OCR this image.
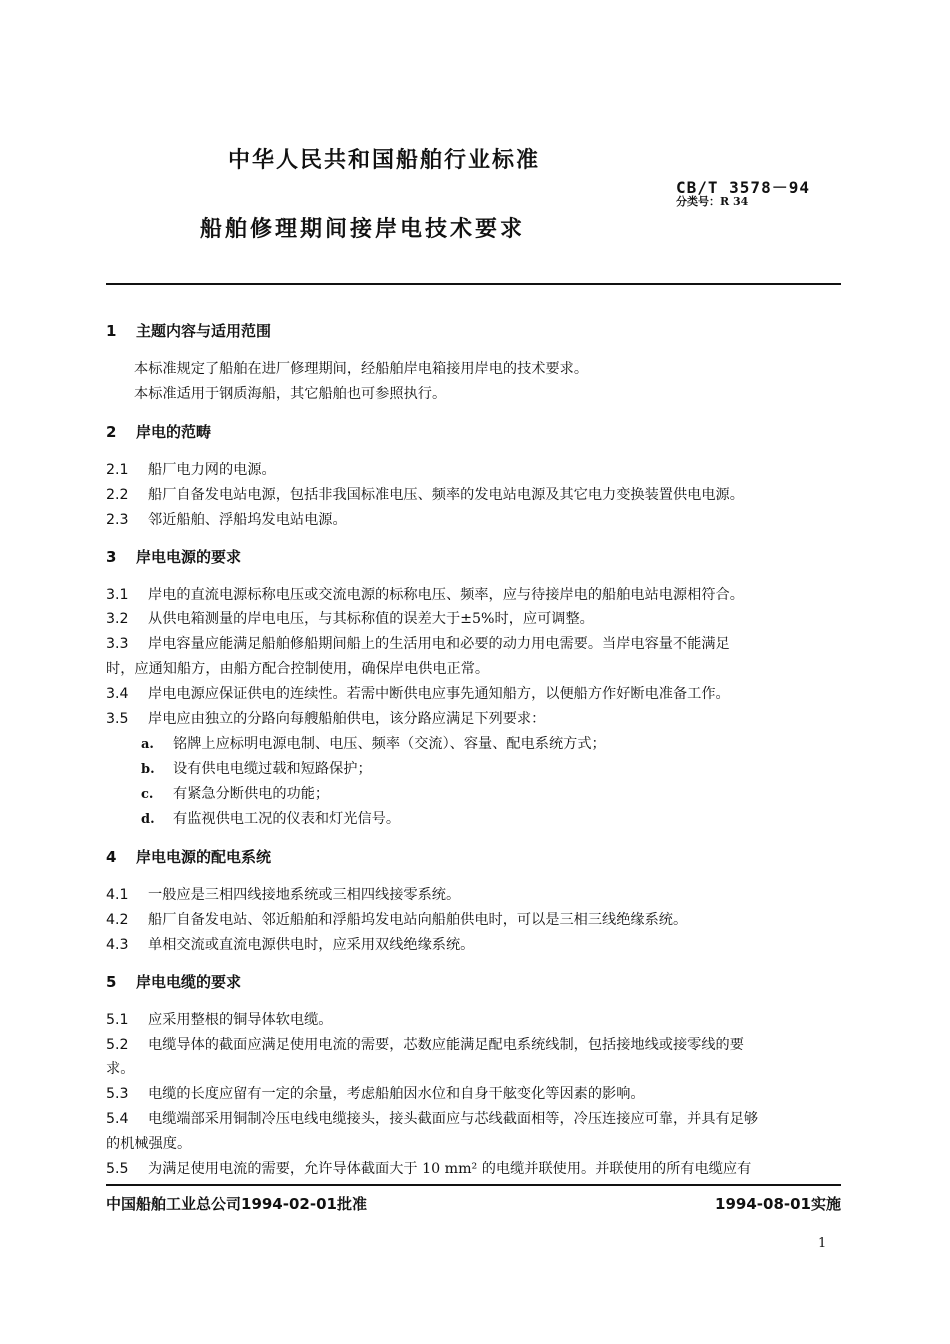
中华人民共和国船舶行业标准
CB/T 3578－94
分类号：R 34
船舶修理期间接岸电技术要求
1 主题内容与适用范围
本标准规定了船舶在进厂修理期间，经船舶岸电箱接用岸电的技术要求。
本标准适用于钢质海船，其它船舶也可参照执行。
2 岸电的范畴
2.1 船厂电力网的电源。
2.2 船厂自备发电站电源，包括非我国标准电压、频率的发电站电源及其它电力变换装置供电电源。
2.3 邻近船舶、浮船坞发电站电源。
3 岸电电源的要求
3.1 岸电的直流电源标称电压或交流电源的标称电压、频率，应与待接岸电的船舶电站电源相符合。
3.2 从供电箱测量的岸电电压，与其标称值的误差大于±5%时，应可调整。
3.3 岸电容量应能满足船舶修船期间船上的生活用电和必要的动力用电需要。当岸电容量不能满足
时，应通知船方，由船方配合控制使用，确保岸电供电正常。
3.4 岸电电源应保证供电的连续性。若需中断供电应事先通知船方，以便船方作好断电准备工作。
3.5 岸电应由独立的分路向每艘船舶供电，该分路应满足下列要求：
a. 铭牌上应标明电源电制、电压、频率（交流）、容量、配电系统方式；
b. 设有供电电缆过载和短路保护；
c. 有紧急分断供电的功能；
d. 有监视供电工况的仪表和灯光信号。
4 岸电电源的配电系统
4.1 一般应是三相四线接地系统或三相四线接零系统。
4.2 船厂自备发电站、邻近船舶和浮船坞发电站向船舶供电时，可以是三相三线绝缘系统。
4.3 单相交流或直流电源供电时，应采用双线绝缘系统。
5 岸电电缆的要求
5.1 应采用整根的铜导体软电缆。
5.2 电缆导体的截面应满足使用电流的需要，芯数应能满足配电系统线制，包括接地线或接零线的要
求。
5.3 电缆的长度应留有一定的余量，考虑船舶因水位和自身干舷变化等因素的影响。
5.4 电缆端部采用铜制冷压电线电缆接头，接头截面应与芯线截面相等，冷压连接应可靠，并具有足够
的机械强度。
5.5 为满足使用电流的需要，允许导体截面大于 10 mm² 的电缆并联使用。并联使用的所有电缆应有
中国船舶工业总公司1994-02-01批准	1994-08-01实施
1
